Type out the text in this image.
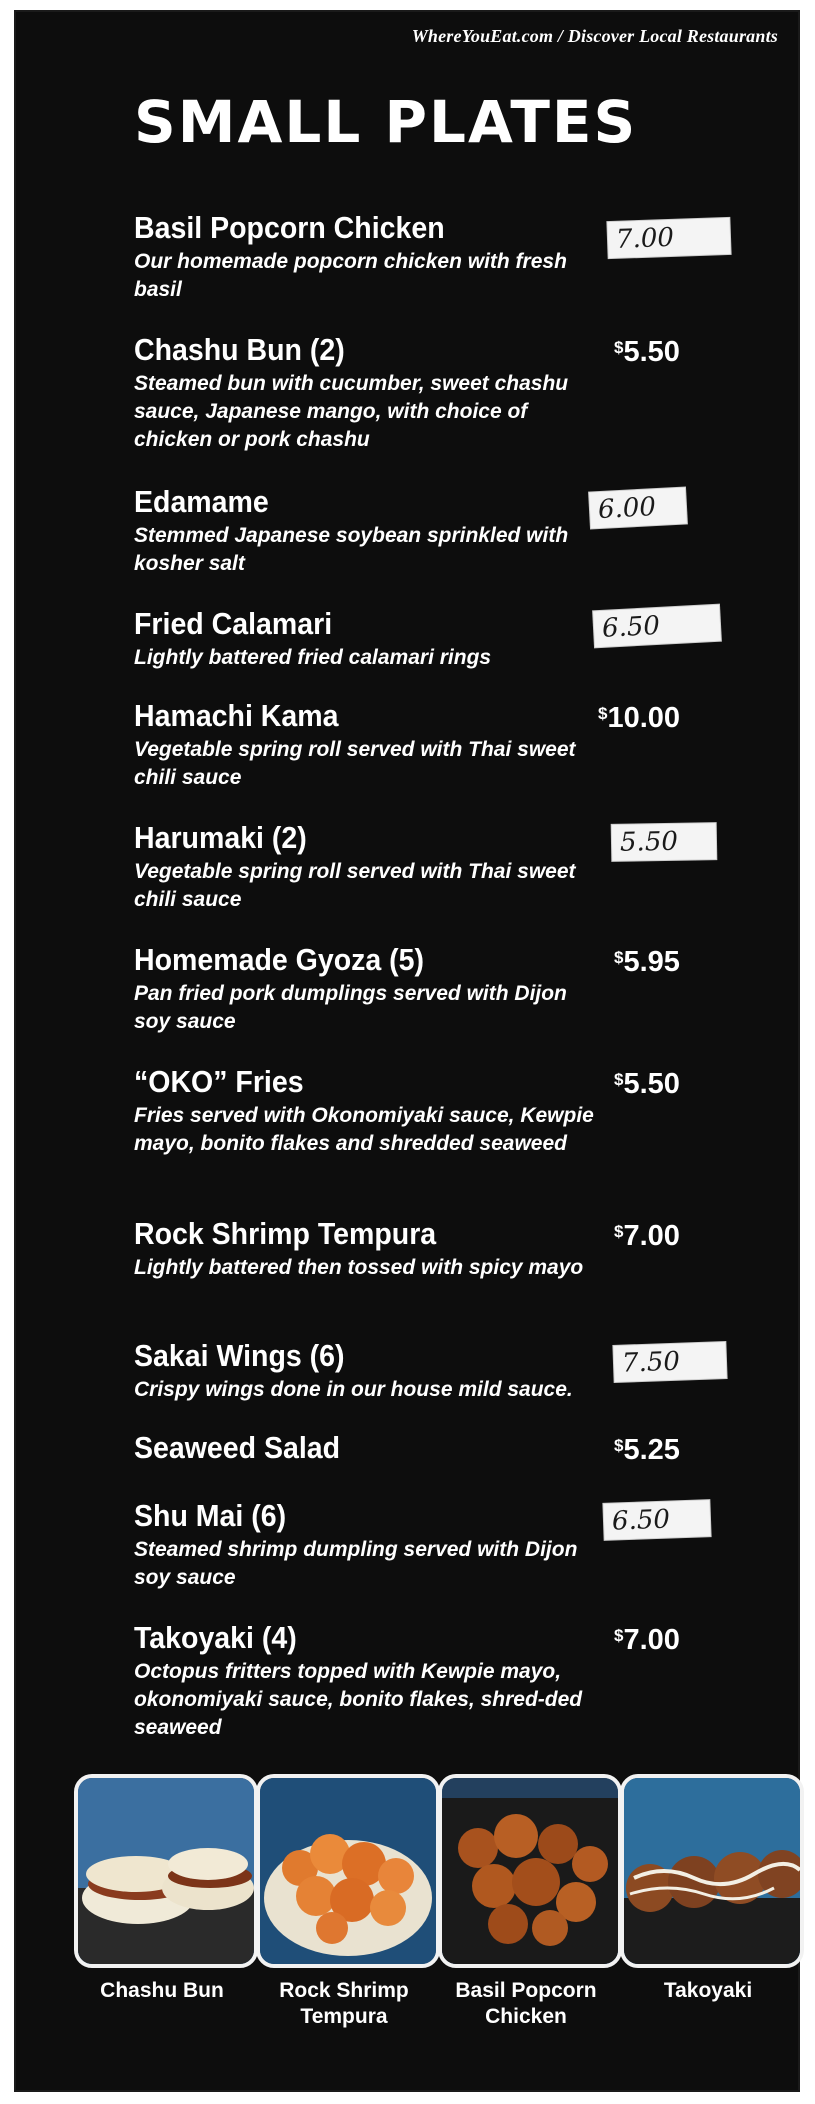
WhereYouEat.com / Discover Local Restaurants
SMALL PLATES
Basil Popcorn Chicken
Our homemade popcorn chicken with fresh basil
7.00
Chashu Bun (2)
Steamed bun with cucumber, sweet chashu sauce, Japanese mango, with choice of chicken or pork chashu
$5.50
Edamame
Stemmed Japanese soybean sprinkled with kosher salt
6.00
Fried Calamari
Lightly battered fried calamari rings
6.50
Hamachi Kama
Vegetable spring roll served with Thai sweet chili sauce
$10.00
Harumaki (2)
Vegetable spring roll served with Thai sweet chili sauce
5.50
Homemade Gyoza (5)
Pan fried pork dumplings served with Dijon soy sauce
$5.95
“OKO” Fries
Fries served with Okonomiyaki sauce, Kewpie mayo, bonito flakes and shredded seaweed
$5.50
Rock Shrimp Tempura
Lightly battered then tossed with spicy mayo
$7.00
Sakai Wings (6)
Crispy wings done in our house mild sauce.
7.50
Seaweed Salad	$5.25
Shu Mai (6)
Steamed shrimp dumpling served with Dijon soy sauce
6.50
Takoyaki (4)
Octopus fritters topped with Kewpie mayo, okonomiyaki sauce, bonito flakes, shred-ded seaweed
$7.00
Chashu Bun	Rock Shrimp Tempura
Basil Popcorn Chicken
Takoyaki
